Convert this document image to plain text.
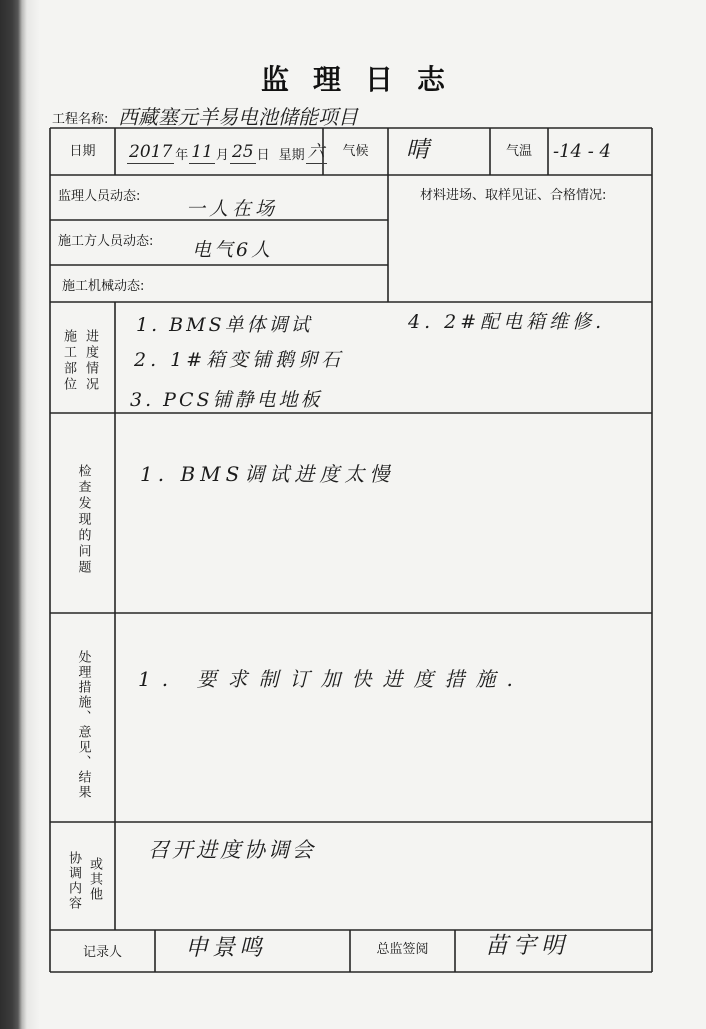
监理日志
工程名称: 西藏塞元羊易电池储能项目
日期	2017 年 11 月 25 日 星期 六	气候	晴	气温	-14 - 4
监理人员动态:
一人在场
施工方人员动态: 电气6人
施工机械动态:
材料进场、取样见证、合格情况:
施工部位 进度情况
1. BMS单体调试
2. 1#箱变铺鹅卵石
3. PCS铺静电地板
4. 2#配电箱维修.
检查发现的问题 1. BMS调试进度太慢
处理措施、意见、结果 1. 要求制订加快进度措施.
协调内容 或其他
召开进度协调会
记录人	申景鸣	总监签阅	苗宇明
